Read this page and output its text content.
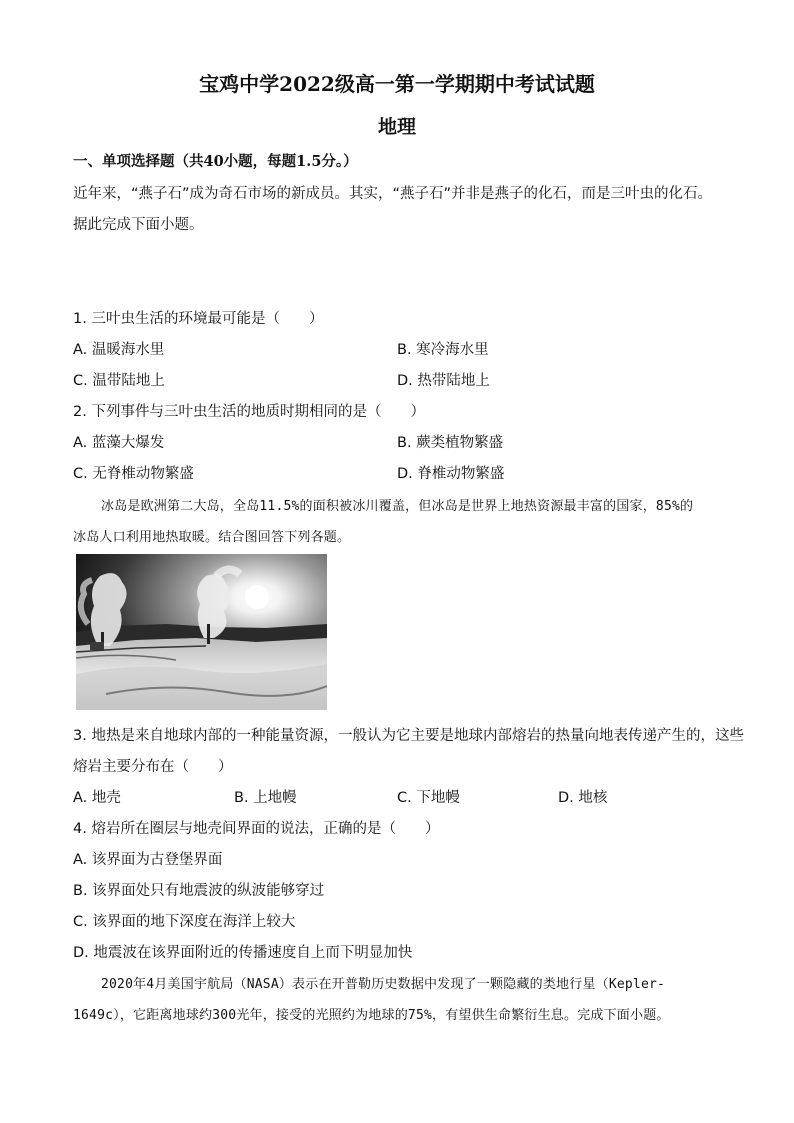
宝鸡中学2022级高一第一学期期中考试试题
地理
一、单项选择题（共40小题，每题1.5分。）
近年来，“燕子石”成为奇石市场的新成员。其实，“燕子石”并非是燕子的化石，而是三叶虫的化石。
据此完成下面小题。
1. 三叶虫生活的环境最可能是（　　）
A. 温暖海水里	B. 寒冷海水里
C. 温带陆地上	D. 热带陆地上
2. 下列事件与三叶虫生活的地质时期相同的是（　　）
A. 蓝藻大爆发	B. 蕨类植物繁盛
C. 无脊椎动物繁盛	D. 脊椎动物繁盛
冰岛是欧洲第二大岛，全岛11.5%的面积被冰川覆盖，但冰岛是世界上地热资源最丰富的国家，85%的
冰岛人口利用地热取暖。结合图回答下列各题。
3. 地热是来自地球内部的一种能量资源，一般认为它主要是地球内部熔岩的热量向地表传递产生的，这些
熔岩主要分布在（　　）
A. 地壳	B. 上地幔	C. 下地幔	D. 地核
4. 熔岩所在圈层与地壳间界面的说法，正确的是（　　）
A. 该界面为古登堡界面
B. 该界面处只有地震波的纵波能够穿过
C. 该界面的地下深度在海洋上较大
D. 地震波在该界面附近的传播速度自上而下明显加快
2020年4月美国宇航局（NASA）表示在开普勒历史数据中发现了一颗隐藏的类地行星（Kepler-
1649c），它距离地球约300光年，接受的光照约为地球的75%，有望供生命繁衍生息。完成下面小题。
